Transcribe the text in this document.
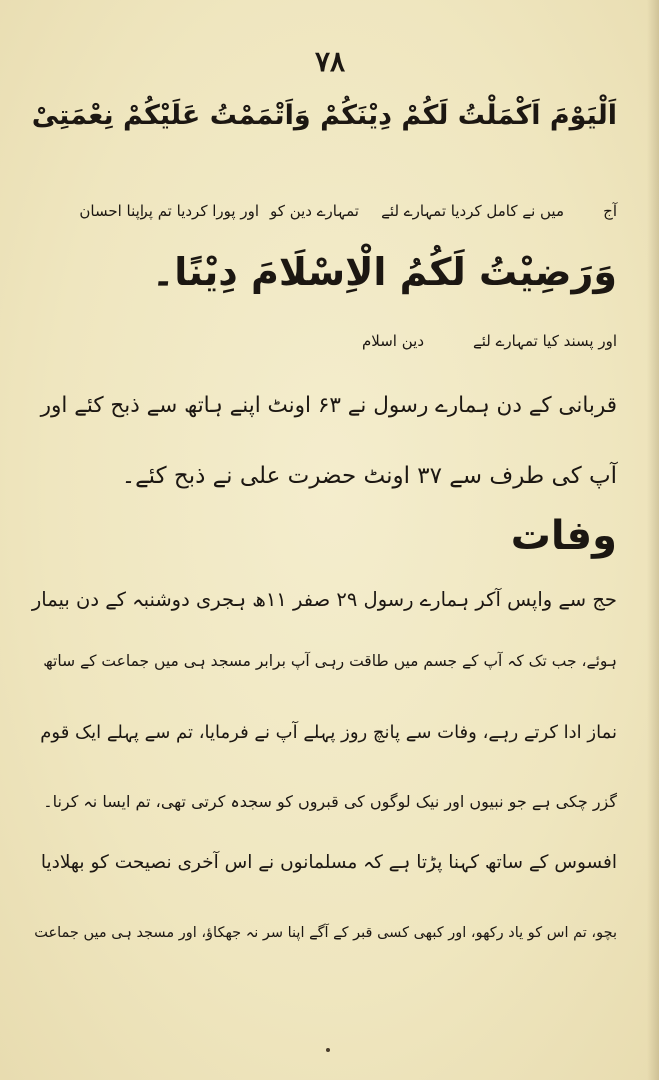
۷۸
اَلْیَوْمَ اَکْمَلْتُ لَکُمْ دِیْنَکُمْ وَاَتْمَمْتُ عَلَیْکُمْ نِعْمَتِیْ
آج
میں نے کامل کردیا تمہارے لئے
تمہارے دین کو
اور پورا کردیا تم پر
اپنا احسان
وَرَضِیْتُ لَکُمُ الْاِسْلَامَ دِیْنًا۔
اور پسند کیا تمہارے لئے
دین اسلام
قربانی کے دن ہمارے رسول نے ۶۳ اونٹ اپنے ہاتھ سے ذبح کئے اور
آپ کی طرف سے ۳۷ اونٹ حضرت علی نے ذبح کئے۔
وفات
حج سے واپس آکر ہمارے رسول ۲۹ صفر ۱۱ھ ہجری دوشنبہ کے دن بیمار
ہوئے، جب تک کہ آپ کے جسم میں طاقت رہی آپ برابر مسجد ہی میں جماعت کے ساتھ
نماز ادا کرتے رہے، وفات سے پانچ روز پہلے آپ نے فرمایا، تم سے پہلے ایک قوم
گزر چکی ہے جو نبیوں اور نیک لوگوں کی قبروں کو سجدہ کرتی تھی، تم ایسا نہ کرنا۔
افسوس کے ساتھ کہنا پڑتا ہے کہ مسلمانوں نے اس آخری نصیحت کو بھلادیا
بچو، تم اس کو یاد رکھو، اور کبھی کسی قبر کے آگے اپنا سر نہ جھکاؤ، اور مسجد ہی میں جماعت
